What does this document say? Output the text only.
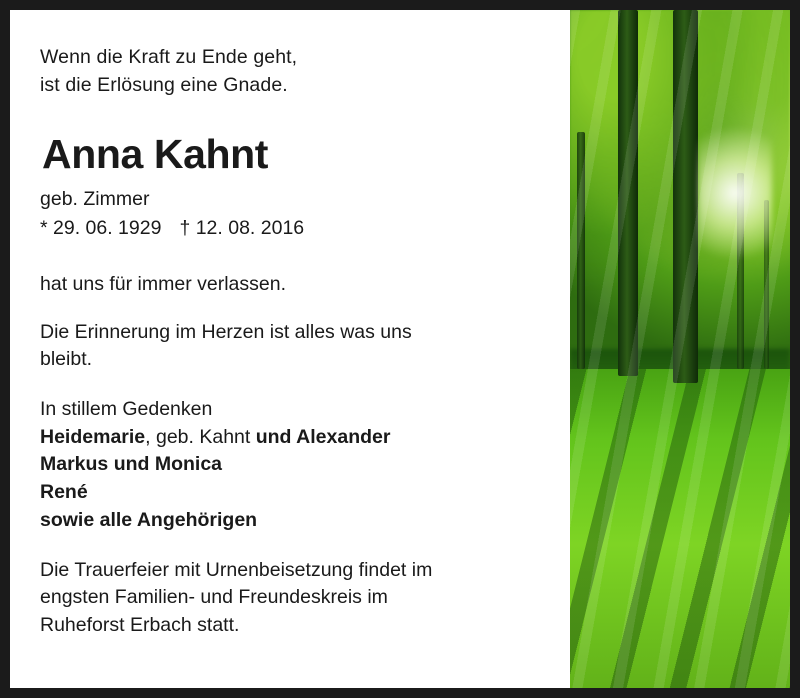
Wenn die Kraft zu Ende geht,
ist die Erlösung eine Gnade.
Anna Kahnt
geb. Zimmer
* 29. 06. 1929 † 12. 08. 2016

hat uns für immer verlassen.

Die Erinnerung im Herzen ist alles was uns
bleibt.

In stillem Gedenken
Heidemarie, geb. Kahnt und Alexander
Markus und Monica
René
sowie alle Angehörigen
Die Trauerfeier mit Urnenbeisetzung findet im
engsten Familien- und Freundeskreis im
Ruheforst Erbach statt.
